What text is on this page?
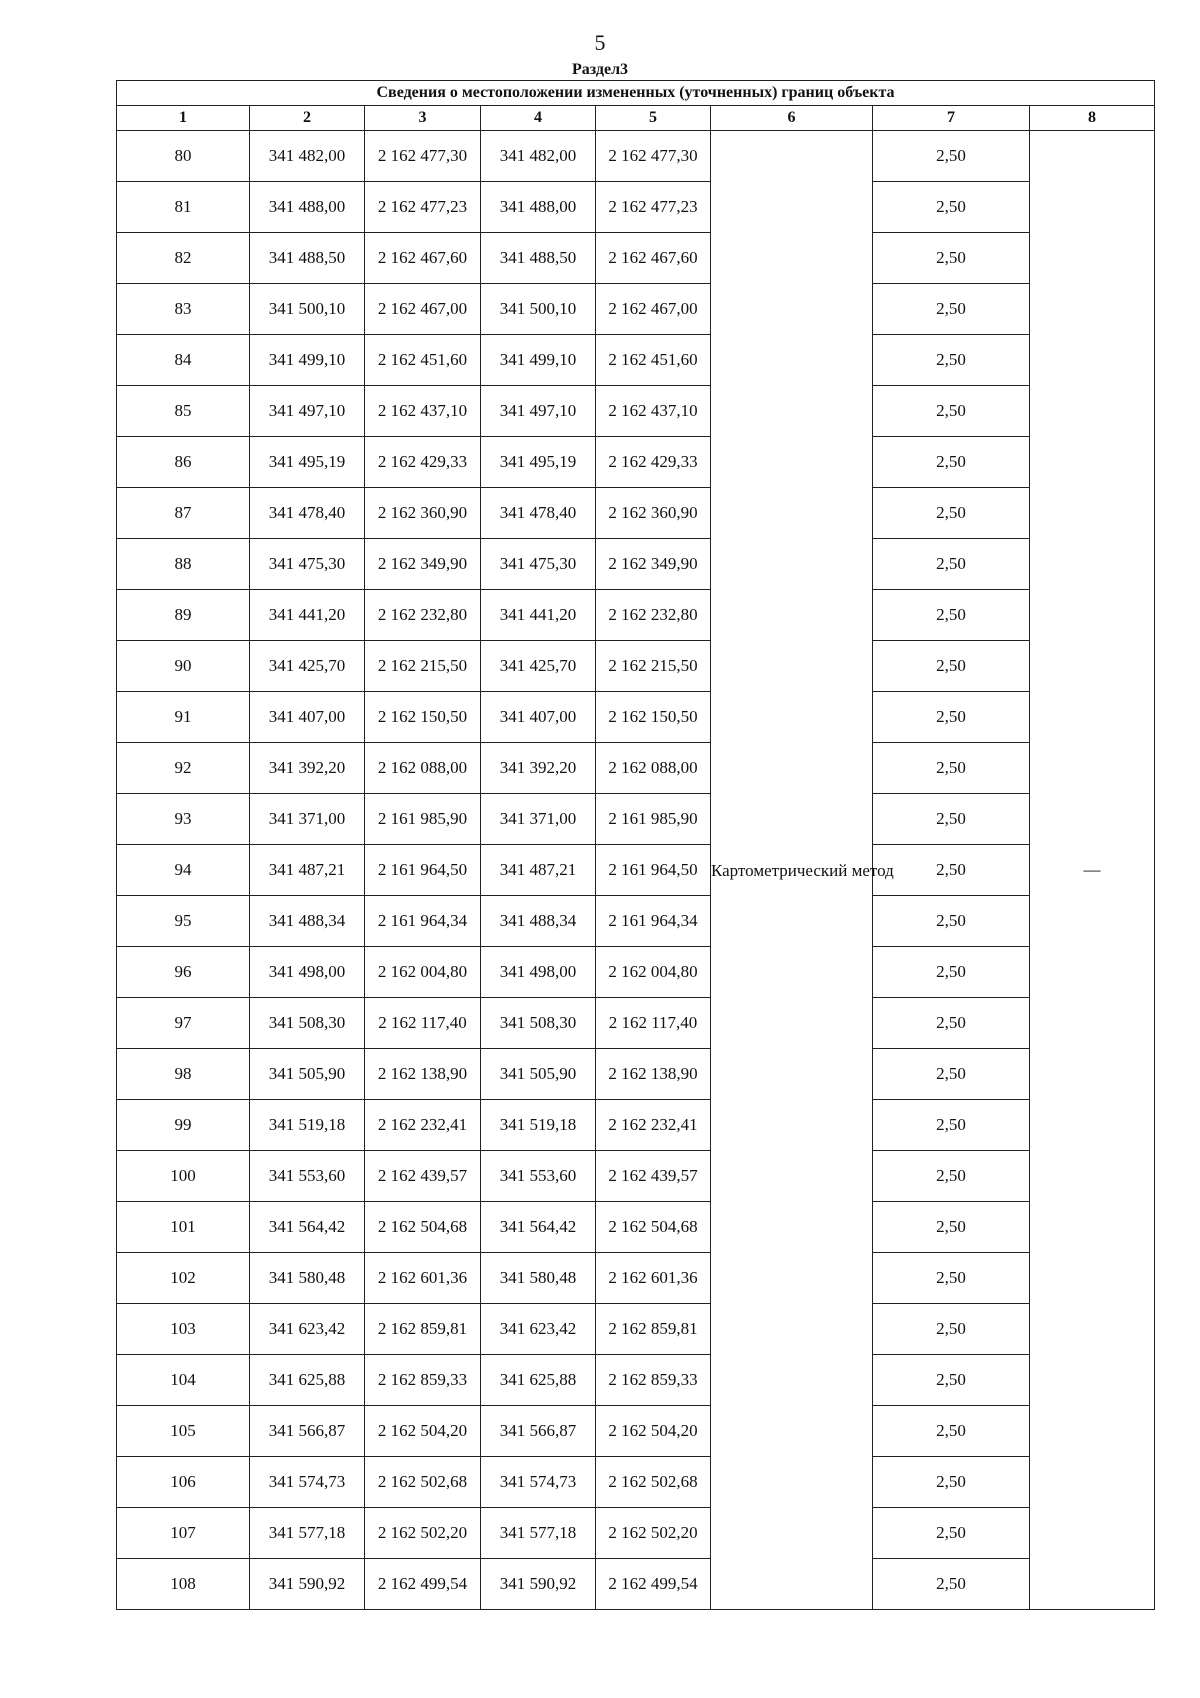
5
Раздел3
Сведения о местоположении измененных (уточненных) границ объекта							
1	2	3	4	5	6	7	8
80	341 482,00	2 162 477,30	341 482,00	2 162 477,30	Картометрический метод	2,50	—
81	341 488,00	2 162 477,23	341 488,00	2 162 477,23		2,50	
82	341 488,50	2 162 467,60	341 488,50	2 162 467,60		2,50	
83	341 500,10	2 162 467,00	341 500,10	2 162 467,00		2,50	
84	341 499,10	2 162 451,60	341 499,10	2 162 451,60		2,50	
85	341 497,10	2 162 437,10	341 497,10	2 162 437,10		2,50	
86	341 495,19	2 162 429,33	341 495,19	2 162 429,33		2,50	
87	341 478,40	2 162 360,90	341 478,40	2 162 360,90		2,50	
88	341 475,30	2 162 349,90	341 475,30	2 162 349,90		2,50	
89	341 441,20	2 162 232,80	341 441,20	2 162 232,80		2,50	
90	341 425,70	2 162 215,50	341 425,70	2 162 215,50		2,50	
91	341 407,00	2 162 150,50	341 407,00	2 162 150,50		2,50	
92	341 392,20	2 162 088,00	341 392,20	2 162 088,00		2,50	
93	341 371,00	2 161 985,90	341 371,00	2 161 985,90		2,50	
94	341 487,21	2 161 964,50	341 487,21	2 161 964,50		2,50	
95	341 488,34	2 161 964,34	341 488,34	2 161 964,34		2,50	
96	341 498,00	2 162 004,80	341 498,00	2 162 004,80		2,50	
97	341 508,30	2 162 117,40	341 508,30	2 162 117,40		2,50	
98	341 505,90	2 162 138,90	341 505,90	2 162 138,90		2,50	
99	341 519,18	2 162 232,41	341 519,18	2 162 232,41		2,50	
100	341 553,60	2 162 439,57	341 553,60	2 162 439,57		2,50	
101	341 564,42	2 162 504,68	341 564,42	2 162 504,68		2,50	
102	341 580,48	2 162 601,36	341 580,48	2 162 601,36		2,50	
103	341 623,42	2 162 859,81	341 623,42	2 162 859,81		2,50	
104	341 625,88	2 162 859,33	341 625,88	2 162 859,33		2,50	
105	341 566,87	2 162 504,20	341 566,87	2 162 504,20		2,50	
106	341 574,73	2 162 502,68	341 574,73	2 162 502,68		2,50	
107	341 577,18	2 162 502,20	341 577,18	2 162 502,20		2,50	
108	341 590,92	2 162 499,54	341 590,92	2 162 499,54		2,50	
